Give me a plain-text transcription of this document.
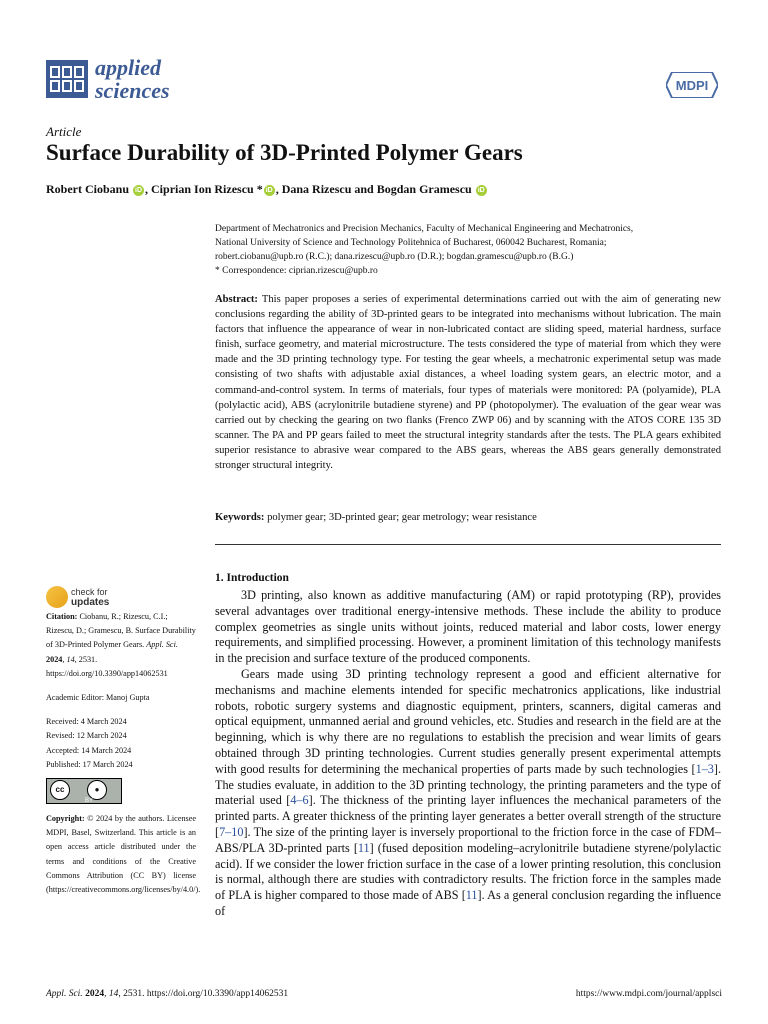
applied
sciences	MDPI
Article
Surface Durability of 3D-Printed Polymer Gears
Robert Ciobanu iD , Ciprian Ion Rizescu * iD , Dana Rizescu and Bogdan Gramescu iD

Department of Mechatronics and Precision Mechanics, Faculty of Mechanical Engineering and Mechatronics,

National University of Science and Technology Politehnica of Bucharest, 060042 Bucharest, Romania;

robert.ciobanu@upb.ro (R.C.); dana.rizescu@upb.ro (D.R.); bogdan.gramescu@upb.ro (B.G.)

* Correspondence: ciprian.rizescu@upb.ro

Abstract: This paper proposes a series of experimental determinations carried out with the aim of generating new conclusions regarding the ability of 3D-printed gears to be integrated into mechanisms without lubrication. The main factors that influence the appearance of wear in non-lubricated contact are sliding speed, material hardness, surface finish, surface geometry, and material microstructure. The tests considered the type of material from which they were made and the 3D printing technology type. For testing the gear wheels, a mechatronic experimental setup was made consisting of two shafts with adjustable axial distances, a wheel loading system gears, an electric motor, and a command-and-control system. In terms of materials, four types of materials were monitored: PA (polyamide), PLA (polylactic acid), ABS (acrylonitrile butadiene styrene) and PP (photopolymer). The evaluation of the gear wear was carried out by checking the gearing on two flanks (Frenco ZWP 06) and by scanning with the ATOS CORE 135 3D scanner. The PA and PP gears failed to meet the structural integrity standards after the tests. The PLA gears exhibited superior resistance to abrasive wear compared to the ABS gears, whereas the ABS gears generally demonstrated stronger structural integrity.

Keywords: polymer gear; 3D-printed gear; gear metrology; wear resistance

check for
updates

Citation: Ciobanu, R.; Rizescu, C.I.; Rizescu, D.; Gramescu, B. Surface Durability of 3D-Printed Polymer Gears. Appl. Sci. 2024, 14, 2531. https://doi.org/10.3390/app14062531

Academic Editor: Manoj Gupta

Received: 4 March 2024

Revised: 12 March 2024

Accepted: 14 March 2024

Published: 17 March 2024

cc	●
BY

Copyright: © 2024 by the authors. Licensee MDPI, Basel, Switzerland. This article is an open access article distributed under the terms and conditions of the Creative Commons Attribution (CC BY) license (https://creativecommons.org/licenses/by/4.0/).

1. Introduction

3D printing, also known as additive manufacturing (AM) or rapid prototyping (RP), provides several advantages over traditional energy-intensive methods. These include the ability to produce complex geometries as single units without joints, reduced material and labor costs, lower energy requirements, and simplified processing. However, a prominent limitation of this technology manifests in the precision and surface texture of the produced components.

Gears made using 3D printing technology represent a good and efficient alternative for mechanisms and machine elements intended for specific mechatronics applications, like industrial robots, robotic surgery systems and diagnostic equipment, printers, scanners, digital cameras and optical equipment, unmanned aerial and ground vehicles, etc. Studies and research in the field are at the beginning, which is why there are no regulations to establish the precision and wear limits of gears obtained through 3D printing technologies. Current studies generally present experimental attempts with good results for determining the mechanical properties of parts made by such technologies [1–3]. The studies evaluate, in addition to the 3D printing technology, the printing parameters and the type of material used [4–6]. The thickness of the printing layer influences the mechanical parameters of the printed parts. A greater thickness of the printing layer generates a better overall strength of the structure [7–10]. The size of the printing layer is inversely proportional to the friction force in the case of FDM–ABS/PLA 3D-printed parts [11] (fused deposition modeling–acrylonitrile butadiene styrene/polylactic acid). If we consider the lower friction surface in the case of a lower printing resolution, this conclusion is normal, although there are studies with contradictory results. The friction force in the samples made of PLA is higher compared to those made of ABS [11]. As a general conclusion regarding the influence of

Appl. Sci. 2024, 14, 2531. https://doi.org/10.3390/app14062531	https://www.mdpi.com/journal/applsci
